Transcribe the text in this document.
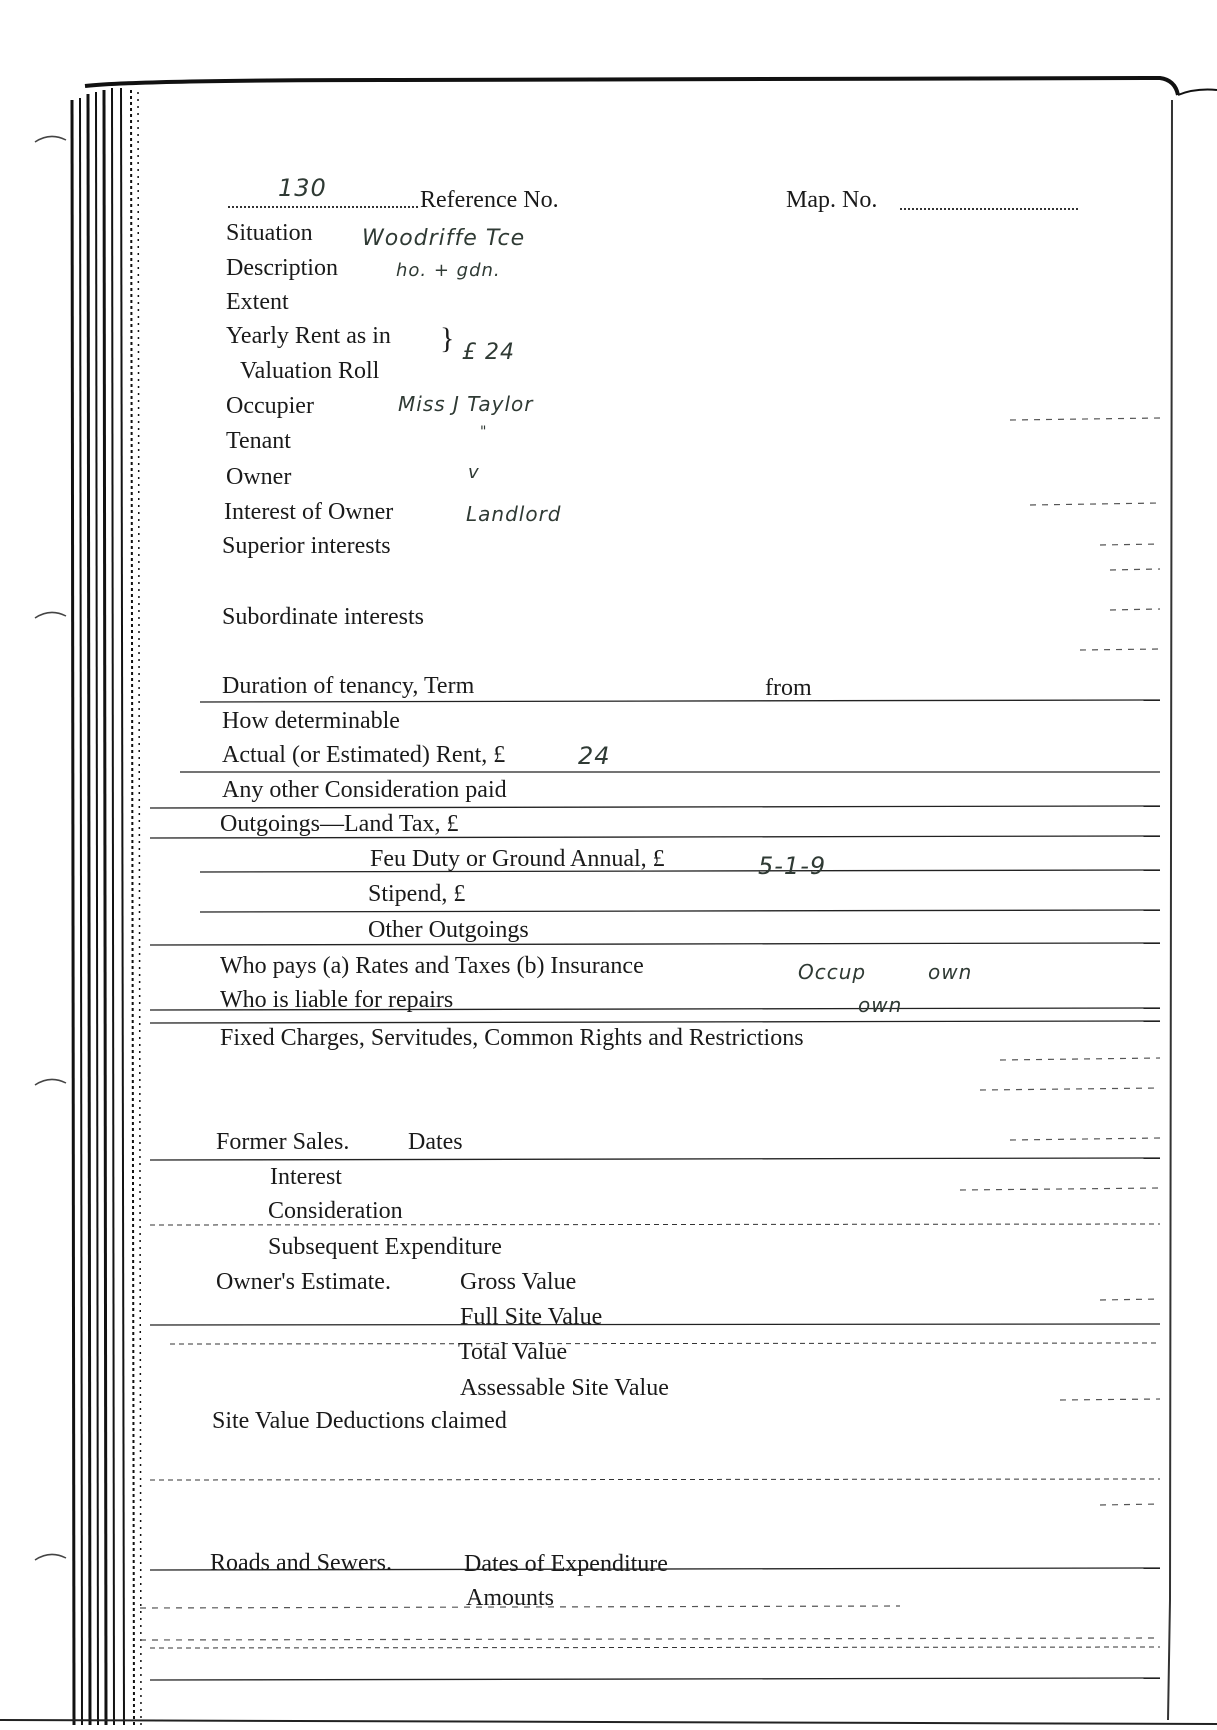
130	Reference No.	Map. No.
Situation Woodriffe Tce
Description	ho. + gdn.
Extent
Yearly Rent as in
Valuation Roll
} £ 24
Occupier	Miss J Taylor
Tenant	"
Owner	v
Interest of Owner	Landlord
Superior interests
Subordinate interests
Duration of tenancy, Term	from
How determinable
Actual (or Estimated) Rent, £	24
Any other Consideration paid
Outgoings—Land Tax, £
Feu Duty or Ground Annual, £	5-1-9
Stipend, £
Other Outgoings
Who pays (a) Rates and Taxes (b) Insurance	Occup	own
Who is liable for repairs	own
Fixed Charges, Servitudes, Common Rights and Restrictions
Former Sales. Dates
Interest
Consideration
Subsequent Expenditure
Owner's Estimate.	Gross Value
Full Site Value
Total Value
Assessable Site Value
Site Value Deductions claimed
Roads and Sewers.	Dates of Expenditure
Amounts
